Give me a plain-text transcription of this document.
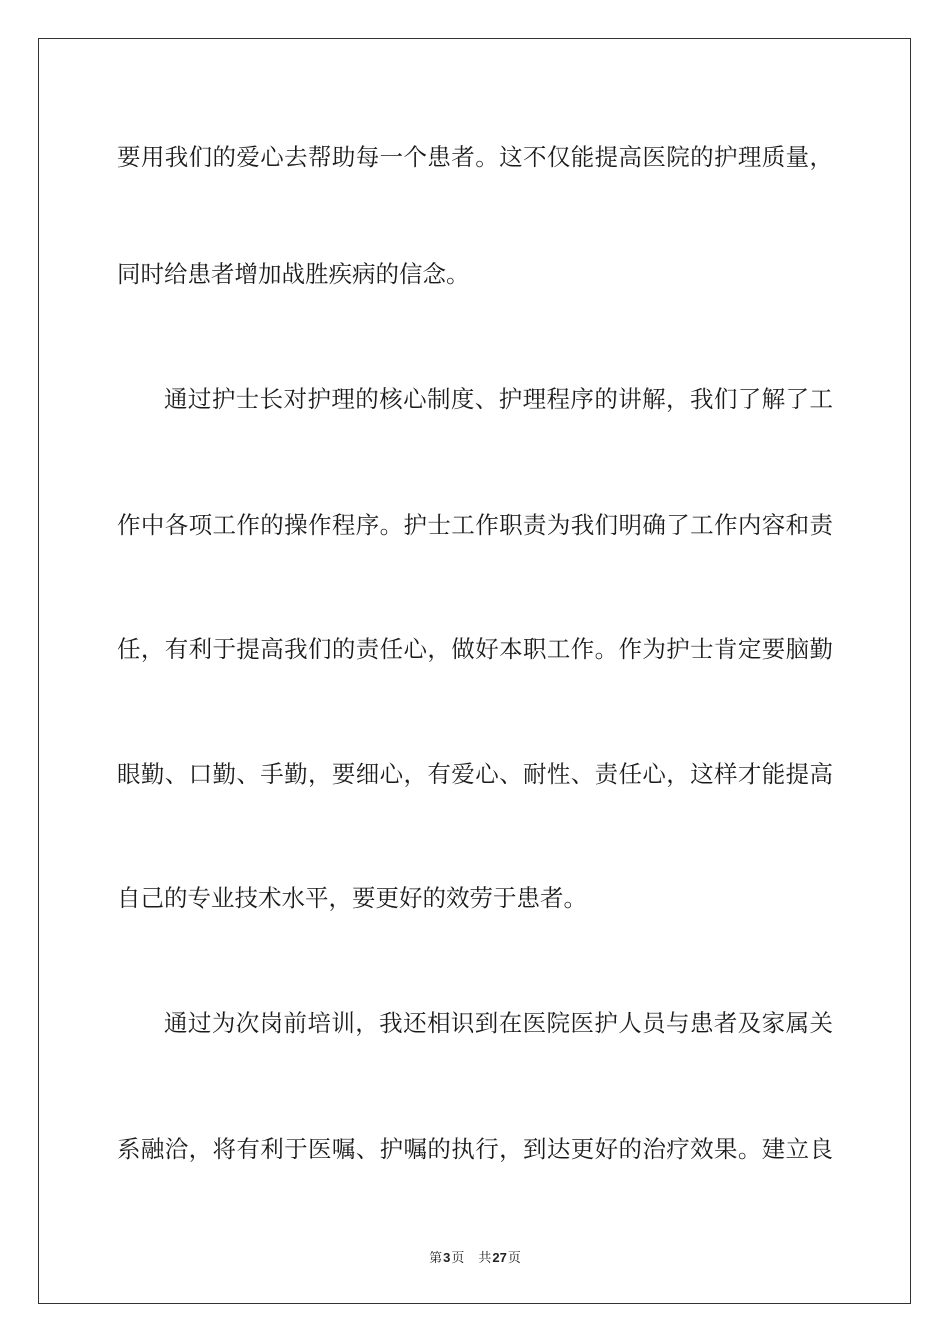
要用我们的爱心去帮助每一个患者。这不仅能提高医院的护理质量，
同时给患者增加战胜疾病的信念。
通过护士长对护理的核心制度、护理程序的讲解，我们了解了工
作中各项工作的操作程序。护士工作职责为我们明确了工作内容和责
任，有利于提高我们的责任心，做好本职工作。作为护士肯定要脑勤
眼勤、口勤、手勤，要细心，有爱心、耐性、责任心，这样才能提高
自己的专业技术水平，要更好的效劳于患者。
通过为次岗前培训，我还相识到在医院医护人员与患者及家属关
系融洽，将有利于医嘱、护嘱的执行，到达更好的治疗效果。建立良
第3页 共27页
